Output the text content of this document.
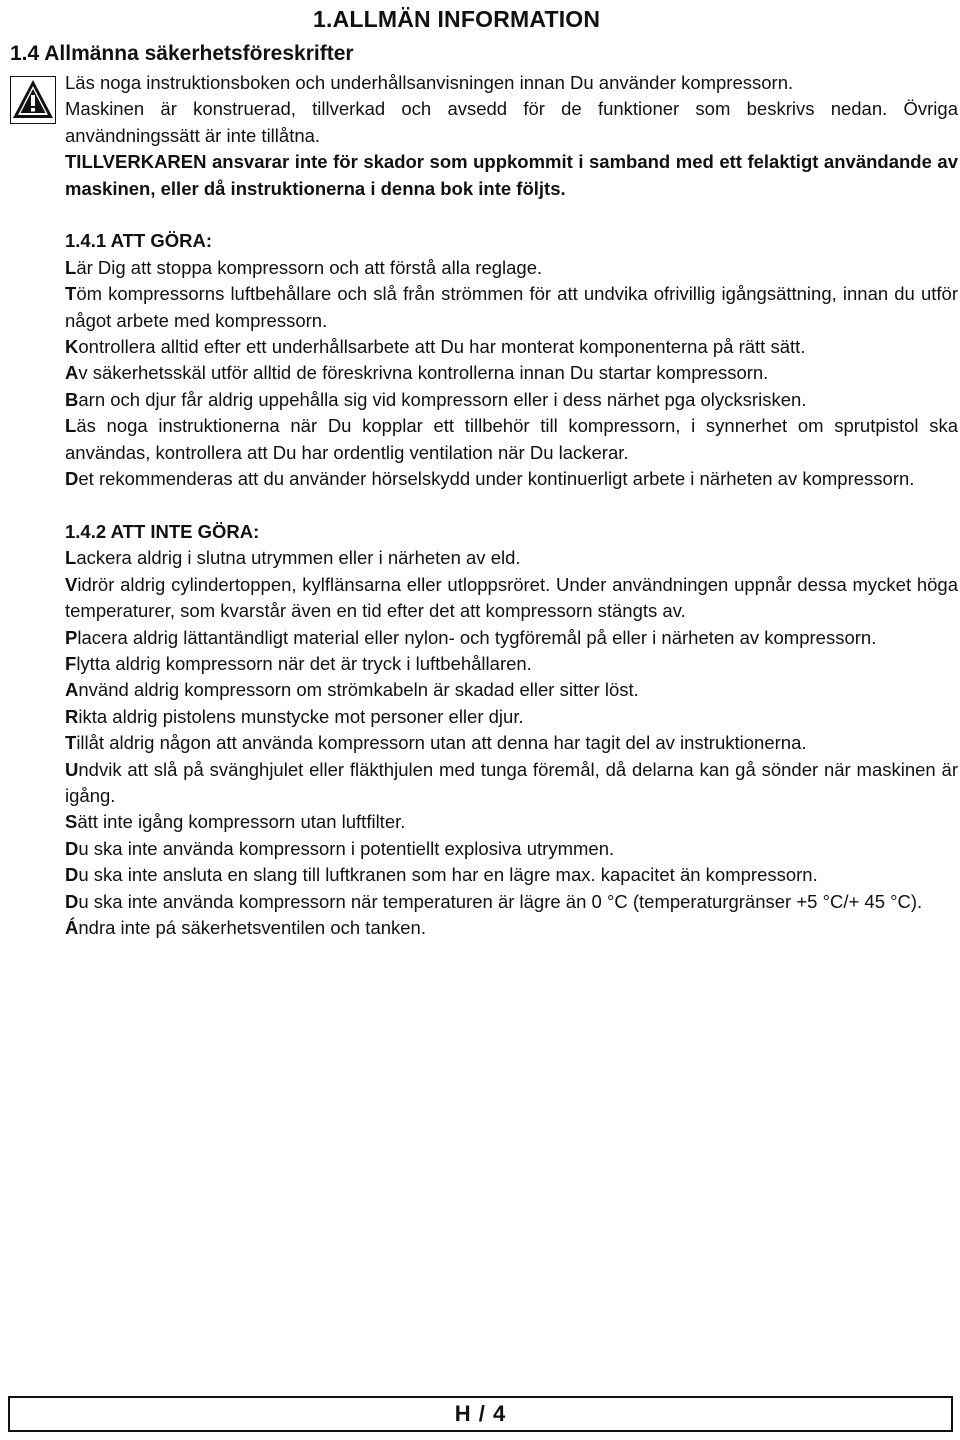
1.ALLMÄN INFORMATION
1.4 Allmänna säkerhetsföreskrifter

Läs noga instruktionsboken och underhållsanvisningen innan Du använder kompressorn.

Maskinen är konstruerad, tillverkad och avsedd för de funktioner som beskrivs nedan. Övriga användningssätt är inte tillåtna.

TILLVERKAREN ansvarar inte för skador som uppkommit i samband med ett felaktigt användande av maskinen, eller då instruktionerna i denna bok inte följts.

1.4.1 ATT GÖRA:

Lär Dig att stoppa kompressorn och att förstå alla reglage.

Töm kompressorns luftbehållare och slå från strömmen för att undvika ofrivillig igångsättning, innan du utför något arbete med kompressorn.

Kontrollera alltid efter ett underhållsarbete att Du har monterat komponenterna på rätt sätt.

Av säkerhetsskäl utför alltid de föreskrivna kontrollerna innan Du startar kompressorn.

Barn och djur får aldrig uppehålla sig vid kompressorn eller i dess närhet pga olycksrisken.

Läs noga instruktionerna när Du kopplar ett tillbehör till kompressorn, i synnerhet om sprutpistol ska användas, kontrollera att Du har ordentlig ventilation när Du lackerar.

Det rekommenderas att du använder hörselskydd under kontinuerligt arbete i närheten av kompressorn.

1.4.2 ATT INTE GÖRA:

Lackera aldrig i slutna utrymmen eller i närheten av eld.

Vidrör aldrig cylindertoppen, kylflänsarna eller utloppsröret. Under användningen uppnår dessa mycket höga temperaturer, som kvarstår även en tid efter det att kompressorn stängts av.

Placera aldrig lättantändligt material eller nylon- och tygföremål på eller i närheten av kompressorn.

Flytta aldrig kompressorn när det är tryck i luftbehållaren.

Använd aldrig kompressorn om strömkabeln är skadad eller sitter löst.

Rikta aldrig pistolens munstycke mot personer eller djur.

Tillåt aldrig någon att använda kompressorn utan att denna har tagit del av instruktionerna.

Undvik att slå på svänghjulet eller fläkthjulen med tunga föremål, då delarna kan gå sönder när maskinen är igång.

Sätt inte igång kompressorn utan luftfilter.

Du ska inte använda kompressorn i potentiellt explosiva utrymmen.

Du ska inte ansluta en slang till luftkranen som har en lägre max. kapacitet än kompressorn.

Du ska inte använda kompressorn när temperaturen är lägre än 0 °C (temperaturgränser +5 °C/+ 45 °C).

Ándra inte pá säkerhetsventilen och tanken.

H / 4
